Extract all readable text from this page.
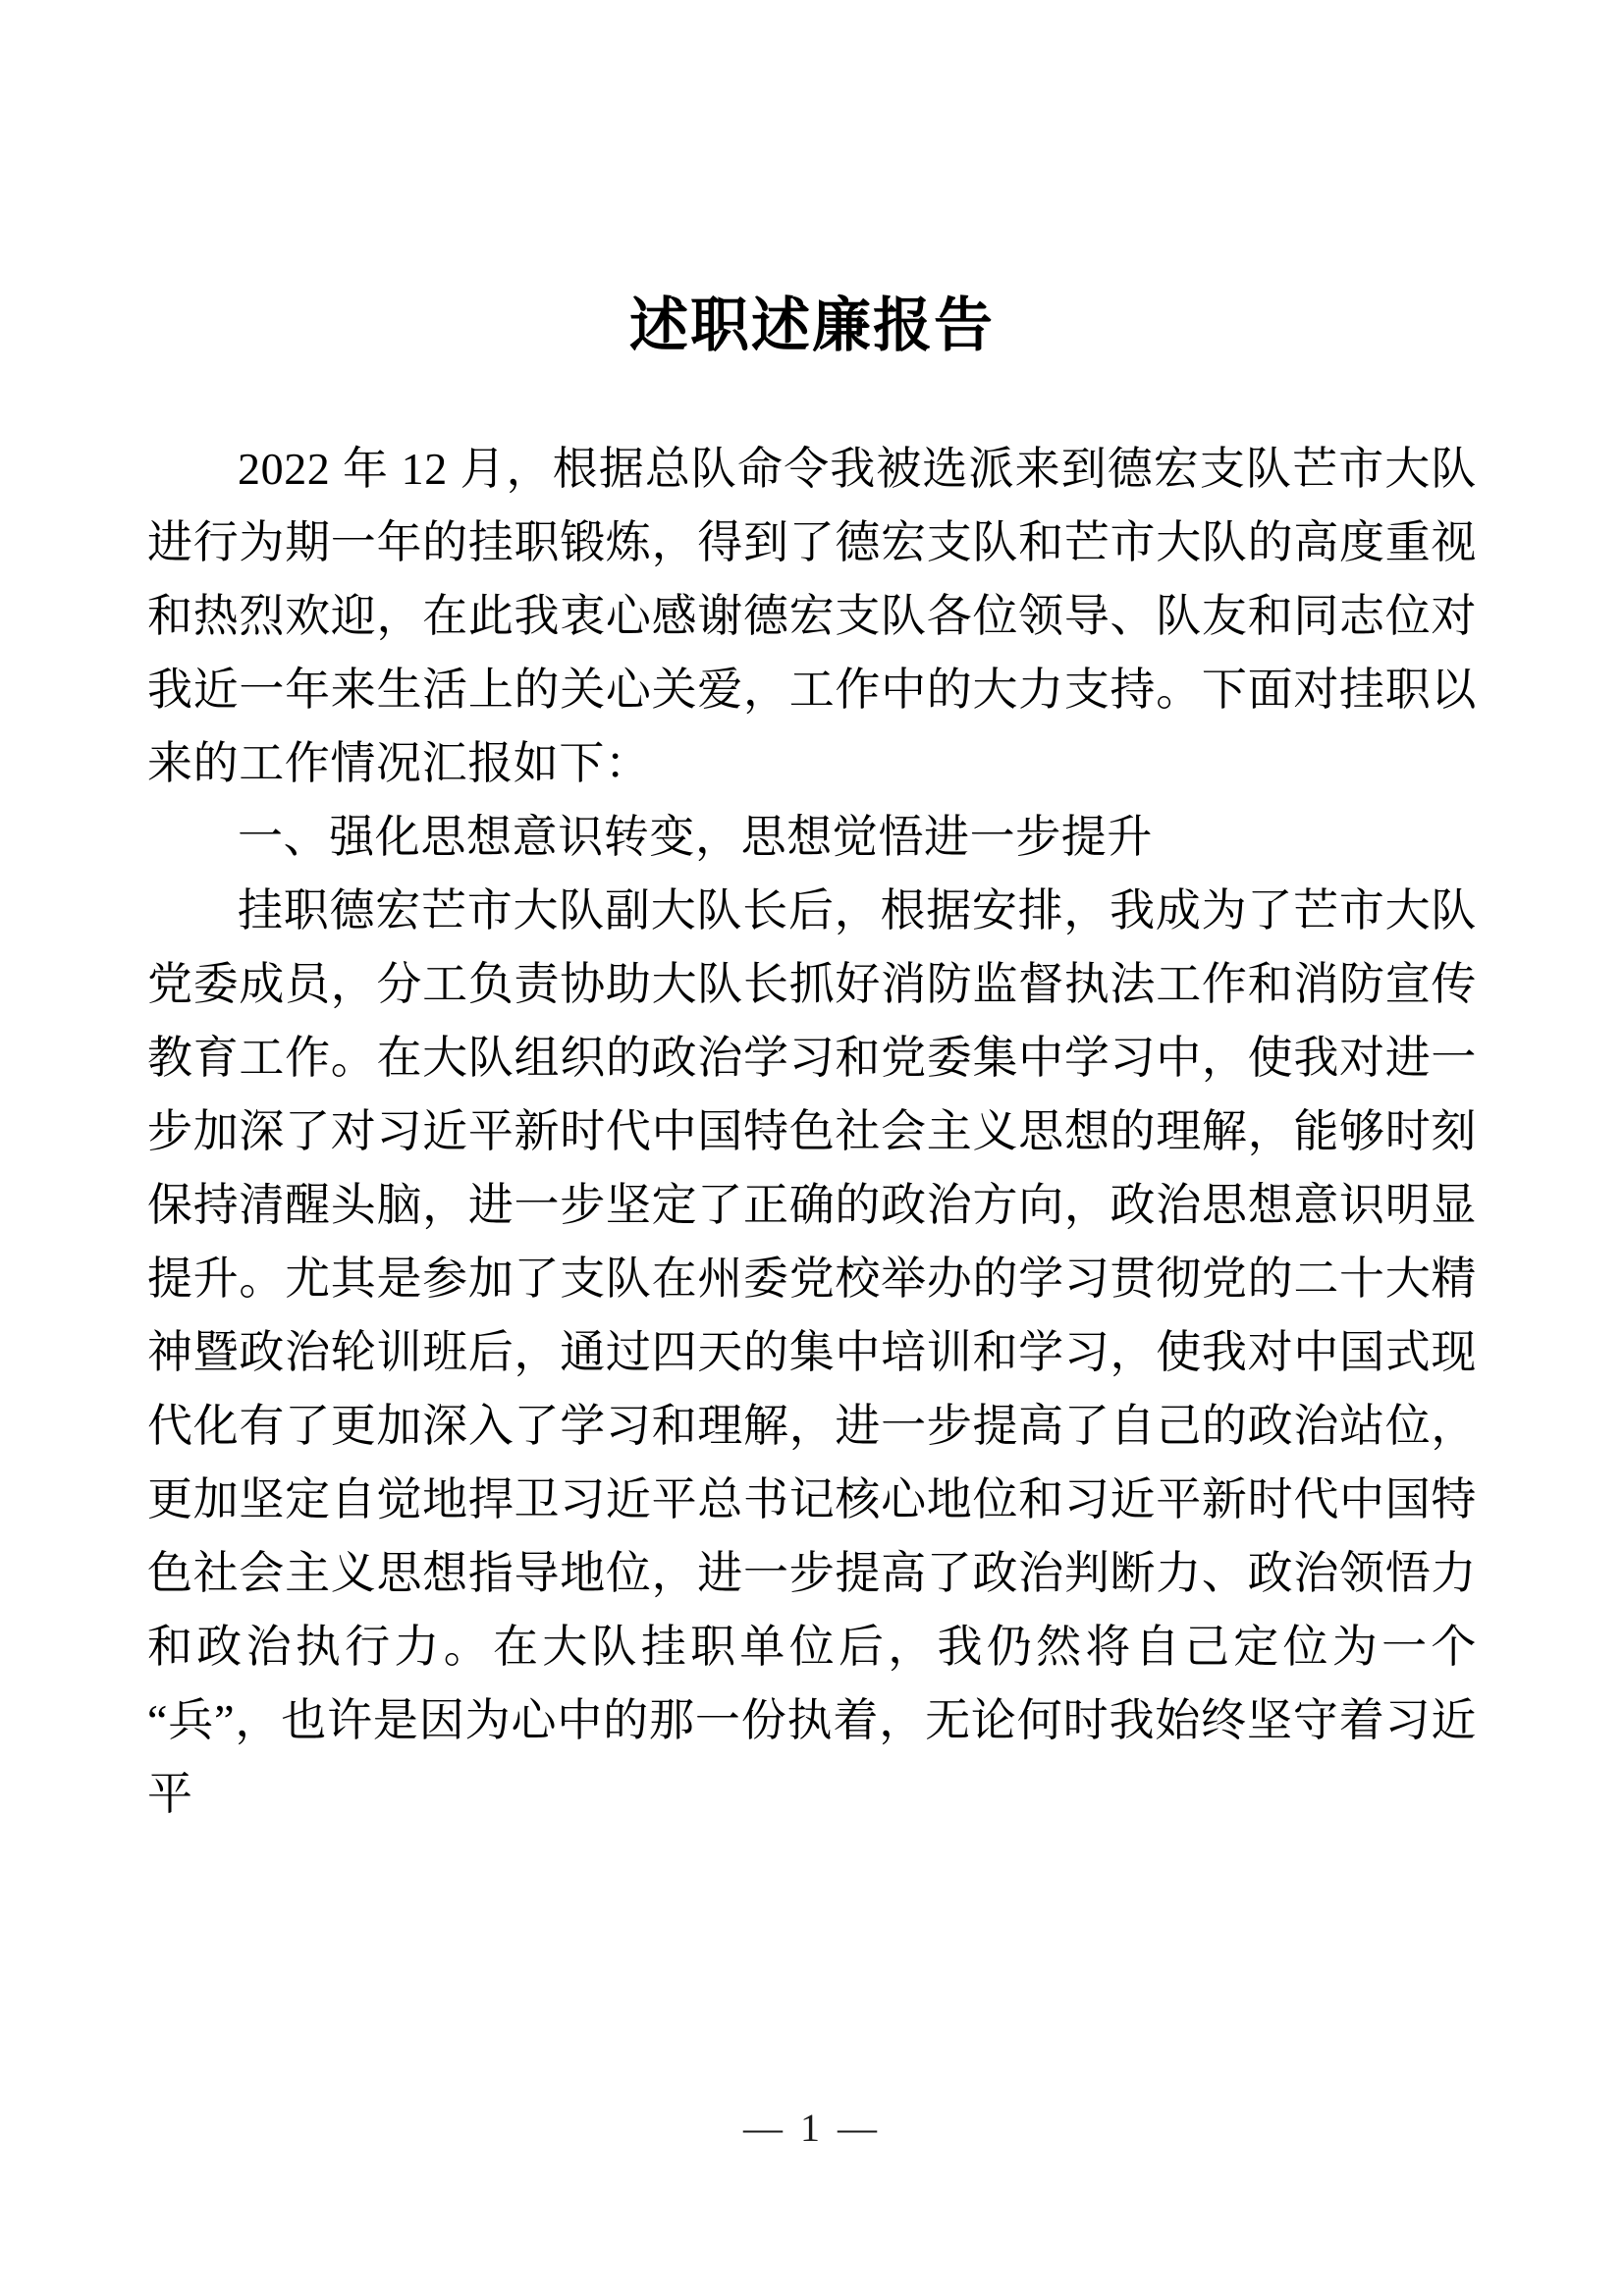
述职述廉报告

2022 年 12 月，根据总队命令我被选派来到德宏支队芒市大队进行为期一年的挂职锻炼，得到了德宏支队和芒市大队的高度重视和热烈欢迎，在此我衷心感谢德宏支队各位领导、队友和同志位对我近一年来生活上的关心关爱，工作中的大力支持。下面对挂职以来的工作情况汇报如下：

一、强化思想意识转变，思想觉悟进一步提升

挂职德宏芒市大队副大队长后，根据安排，我成为了芒市大队党委成员，分工负责协助大队长抓好消防监督执法工作和消防宣传教育工作。在大队组织的政治学习和党委集中学习中，使我对进一步加深了对习近平新时代中国特色社会主义思想的理解，能够时刻保持清醒头脑，进一步坚定了正确的政治方向，政治思想意识明显提升。尤其是参加了支队在州委党校举办的学习贯彻党的二十大精神暨政治轮训班后，通过四天的集中培训和学习，使我对中国式现代化有了更加深入了学习和理解，进一步提高了自己的政治站位，更加坚定自觉地捍卫习近平总书记核心地位和习近平新时代中国特色社会主义思想指导地位，进一步提高了政治判断力、政治领悟力和政治执行力。在大队挂职单位后，我仍然将自己定位为一个“兵”，也许是因为心中的那一份执着，无论何时我始终坚守着习近平

— 1 —
